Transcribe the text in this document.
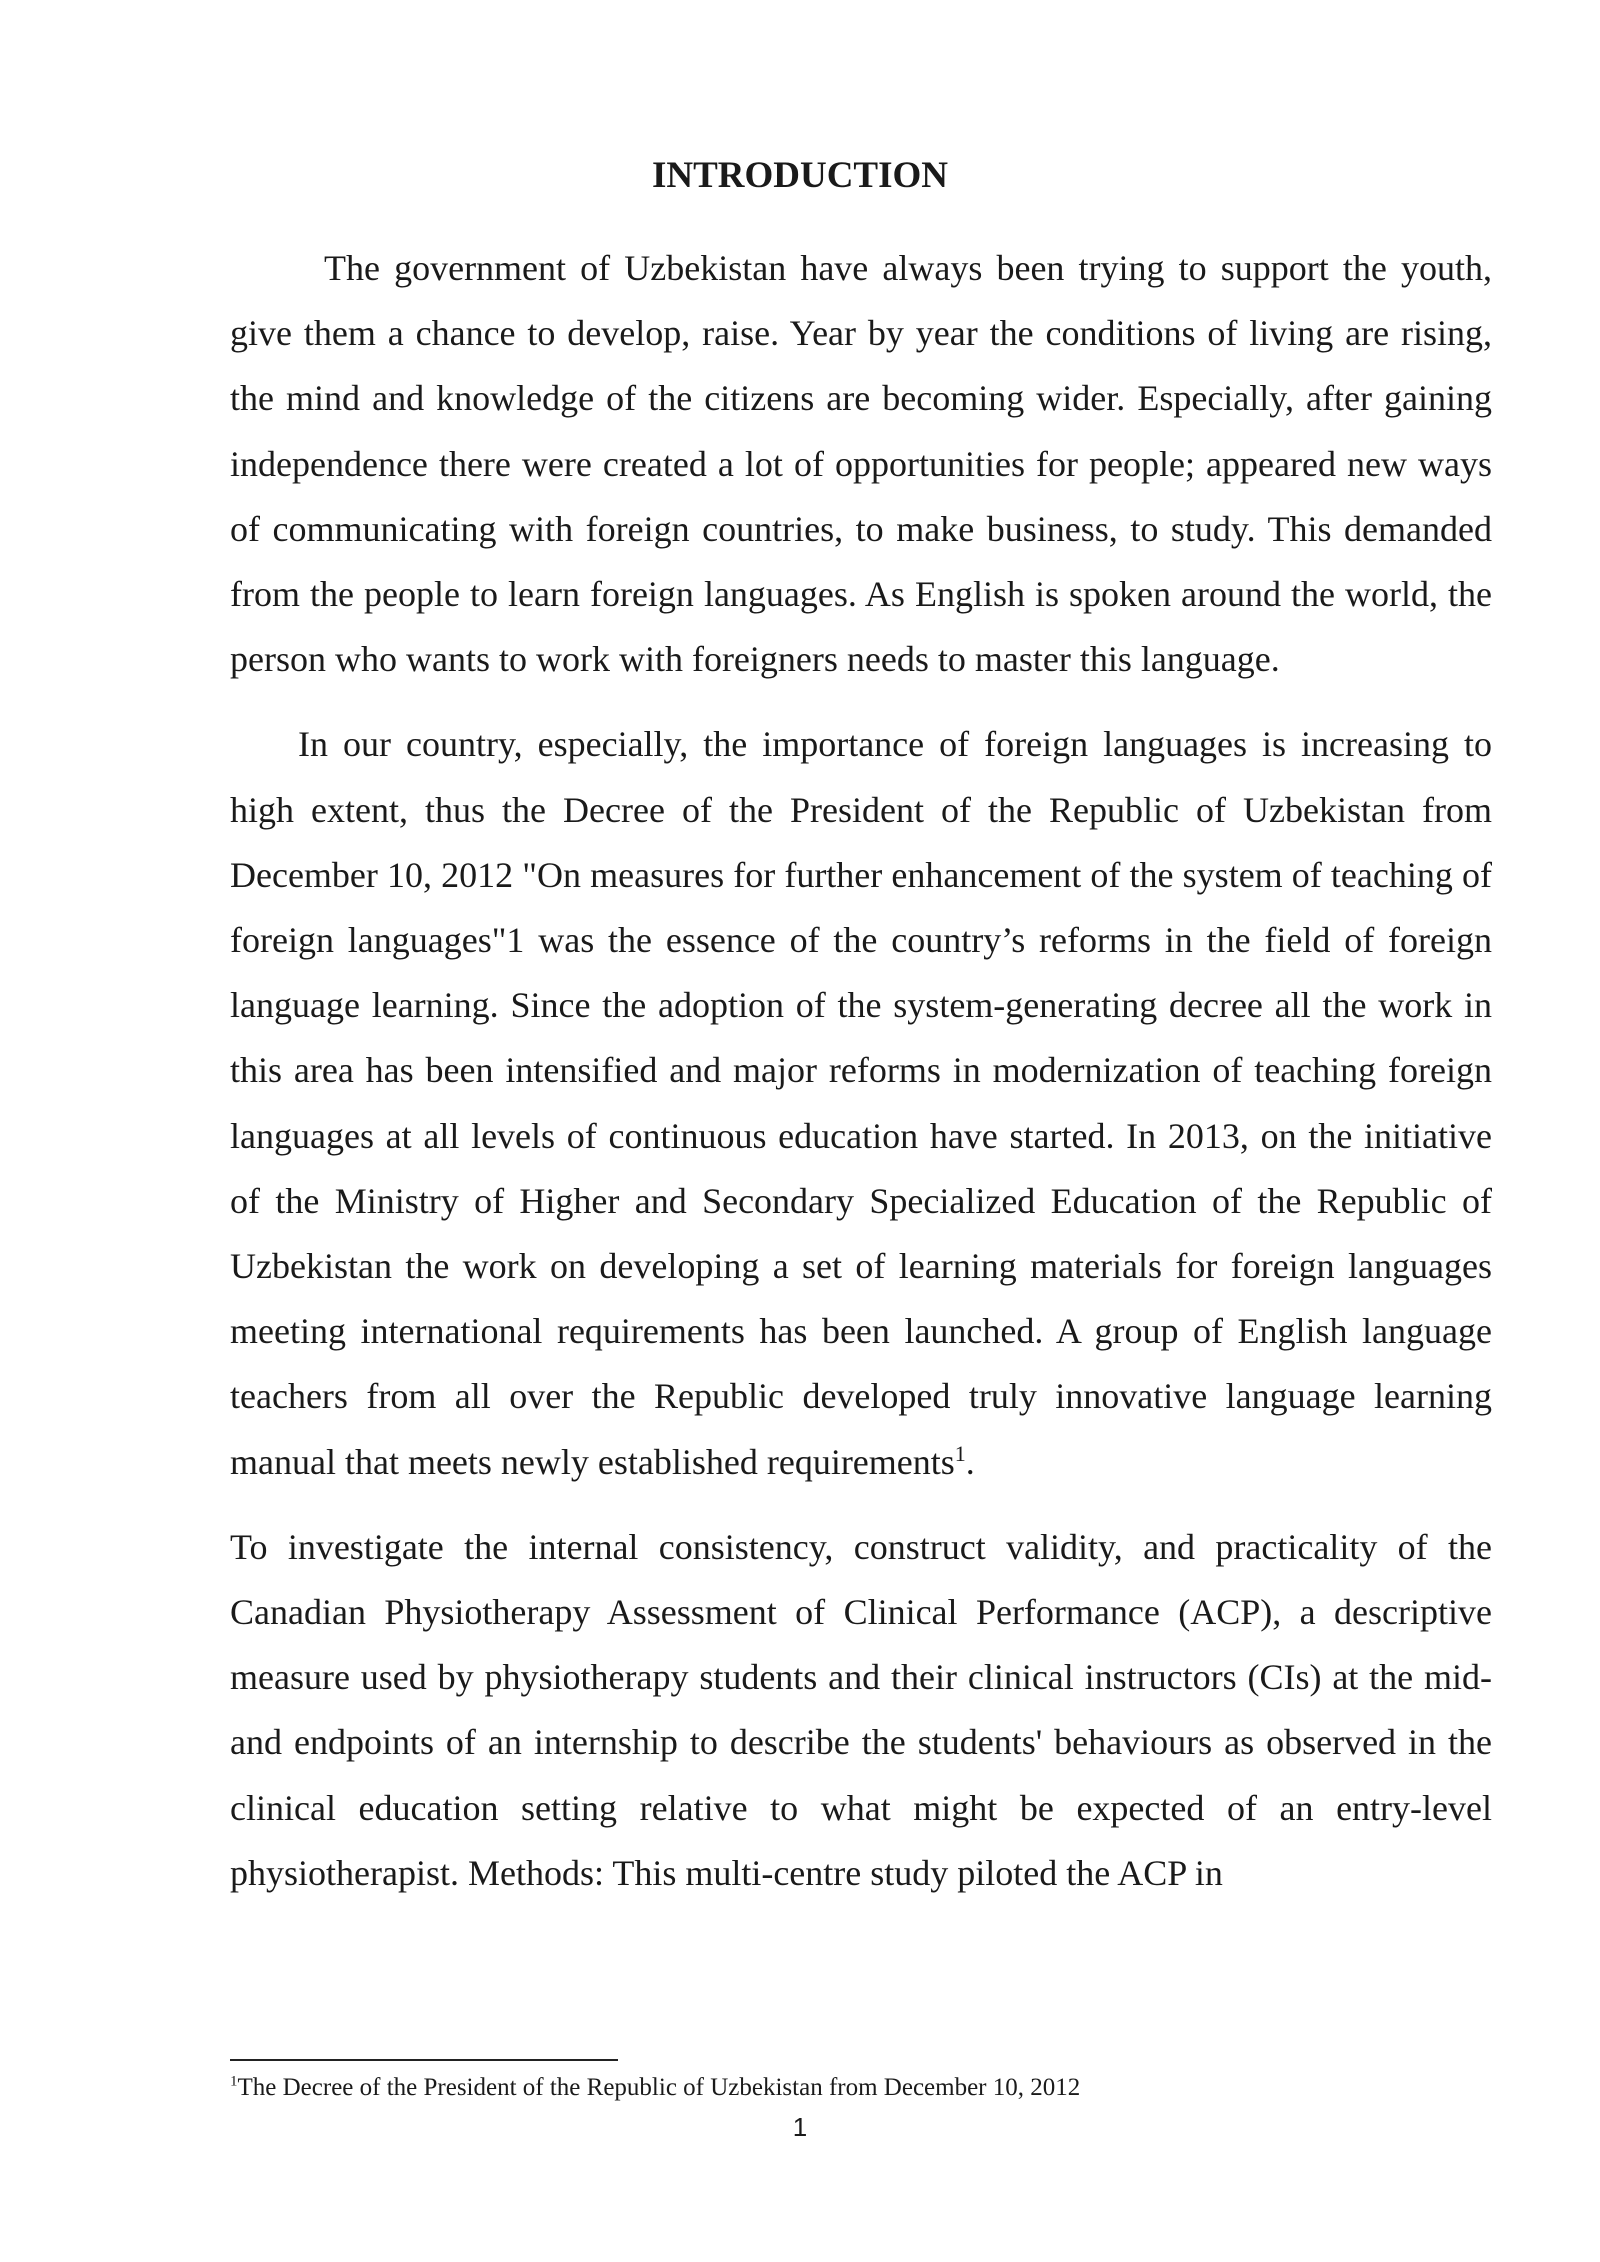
INTRODUCTION

The government of Uzbekistan have always been trying to support the youth, give them a chance to develop, raise. Year by year the conditions of living are rising, the mind and knowledge of the citizens are becoming wider. Especially, after gaining independence there were created a lot of opportunities for people; appeared new ways of communicating with foreign countries, to make business, to study. This demanded from the people to learn foreign languages. As English is spoken around the world, the person who wants to work with foreigners needs to master this language.

In our country, especially, the importance of foreign languages is increasing to high extent, thus the Decree of the President of the Republic of Uzbekistan from December 10, 2012 "On measures for further enhancement of the system of teaching of foreign languages"1 was the essence of the country’s reforms in the field of foreign language learning. Since the adoption of the system-generating decree all the work in this area has been intensified and major reforms in modernization of teaching foreign languages at all levels of continuous education have started. In 2013, on the initiative of the Ministry of Higher and Secondary Specialized Education of the Republic of Uzbekistan the work on developing a set of learning materials for foreign languages meeting international requirements has been launched. A group of English language teachers from all over the Republic developed truly innovative language learning manual that meets newly established requirements$^1$.

To investigate the internal consistency, construct validity, and practicality of the Canadian Physiotherapy Assessment of Clinical Performance (ACP), a descriptive measure used by physiotherapy students and their clinical instructors (CIs) at the mid- and endpoints of an internship to describe the students' behaviours as observed in the clinical education setting relative to what might be expected of an entry-level physiotherapist. Methods: This multi-centre study piloted the ACP in

$^1$The Decree of the President of the Republic of Uzbekistan from December 10, 2012

1
